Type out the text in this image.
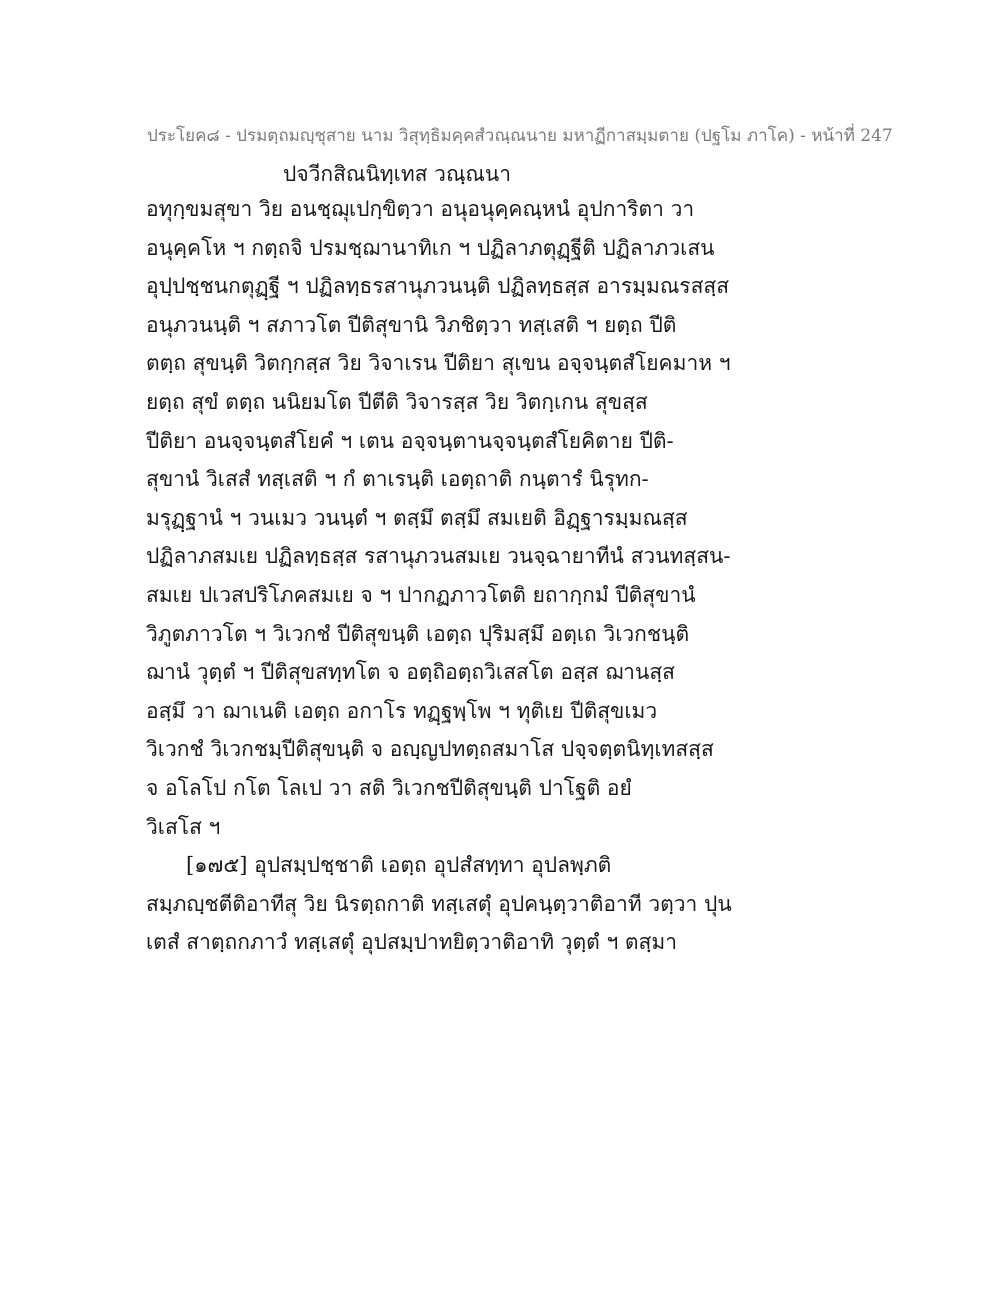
ประโยค๘ - ปรมตฺถมญฺชุสาย นาม วิสุทฺธิมคฺคสํวณฺณนาย มหาฏีกาสมฺมตาย (ปฐโม ภาโค) - หน้าที่ 247
ปจวีกสิณนิทฺเทส วณฺณนา
อทุกฺขมสุขา วิย อนชฺฌุเปกฺขิตฺวา อนุอนุคฺคณฺหนํ อุปการิตา วา
อนุคฺคโห ฯ กตฺถจิ ปรมชฺฌานาทิเก ฯ ปฏิลาภตุฏฺฐีติ ปฏิลาภวเสน
อุปฺปชฺชนกตุฏฺฐี ฯ ปฏิลทฺธรสานุภวนนฺติ ปฏิลทฺธสฺส อารมฺมณรสสฺส
อนุภวนนฺติ ฯ สภาวโต ปีติสุขานิ วิภชิตฺวา ทสฺเสติ ฯ ยตฺถ ปีติ
ตตฺถ สุขนฺติ วิตกฺกสฺส วิย วิจาเรน ปีติยา สุเขน อจฺจนฺตสํโยคมาห ฯ
ยตฺถ สุขํ ตตฺถ นนิยมโต ปีตีติ วิจารสฺส วิย วิตกฺเกน สุขสฺส
ปีติยา อนจฺจนฺตสํโยคํ ฯ เตน อจฺจนฺตานจฺจนฺตสํโยคิตาย ปีติ-
สุขานํ วิเสสํ ทสฺเสติ ฯ กํ ตาเรนฺติ เอตฺถาติ กนฺตารํ นิรุทก-
มรุฏฺฐานํ ฯ วนเมว วนนฺตํ ฯ ตสฺมึ ตสฺมึ สมเยติ อิฏฺฐารมฺมณสฺส
ปฏิลาภสมเย ปฏิลทฺธสฺส รสานุภวนสมเย วนจฺฉายาทีนํ สวนทสฺสน-
สมเย ปเวสปริโภคสมเย จ ฯ ปากฏภาวโตติ ยถากฺกมํ ปีติสุขานํ
วิภูตภาวโต ฯ วิเวกชํ ปีติสุขนฺติ เอตฺถ ปุริมสฺมึ อตฺเถ วิเวกชนฺติ
ฌานํ วุตฺตํ ฯ ปีติสุขสทฺทโต จ อตฺถิอตฺถวิเสสโต อสฺส ฌานสฺส
อสฺมึ วา ฌาเนติ เอตฺถ อกาโร ทฏฺฐพฺโพ ฯ ทุติเย ปีติสุขเมว
วิเวกชํ วิเวกชมฺปีติสุขนฺติ จ อญฺญปทตฺถสมาโส ปจฺจตฺตนิทฺเทสสฺส
จ อโลโป กโต โลเป วา สติ วิเวกชปีติสุขนฺติ ปาโฐติ อยํ
วิเสโส ฯ
[๑๗๕] อุปสมฺปชฺชาติ เอตฺถ อุปสํสทฺทา อุปลพฺภติ
สมฺภญฺชตีติอาทีสุ วิย นิรตฺถกาติ ทสฺเสตุํ อุปคนฺตฺวาติอาที วตฺวา ปุน
เตสํ สาตฺถกภาวํ ทสฺเสตุํ อุปสมฺปาทยิตฺวาติอาทิ วุตฺตํ ฯ ตสฺมา
